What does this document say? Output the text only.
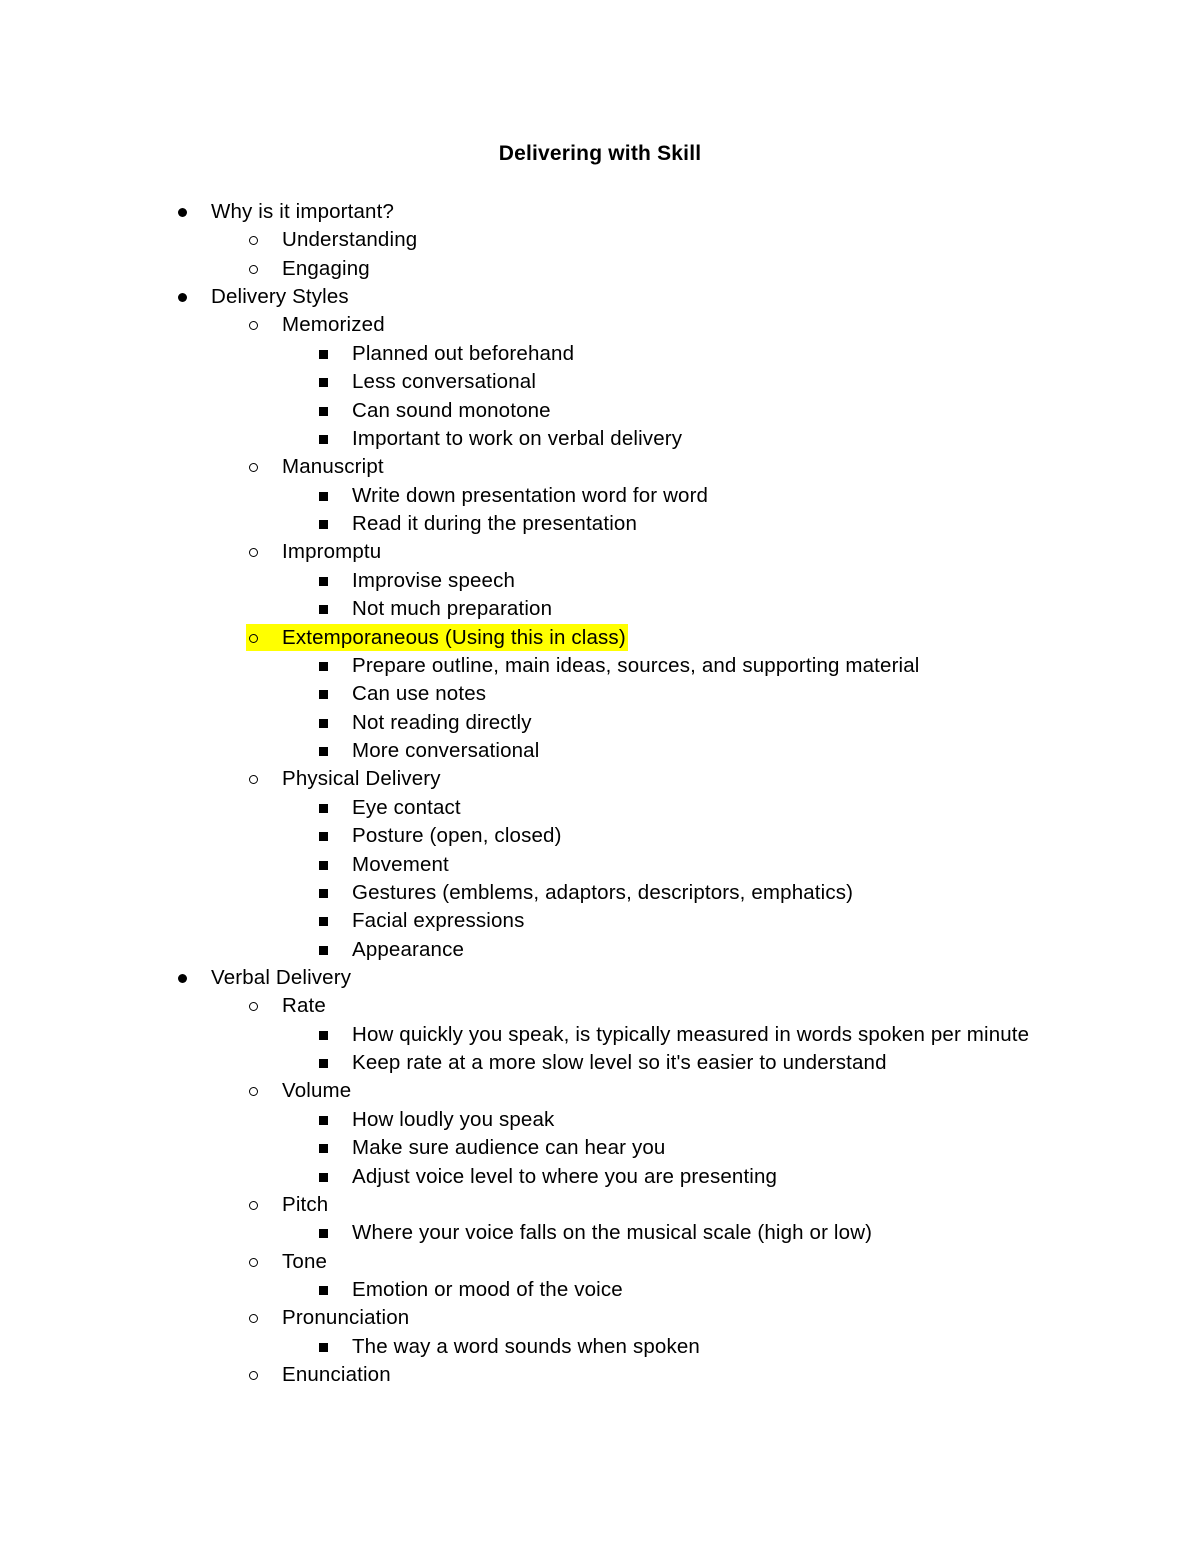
Delivering with Skill
Why is it important?
Understanding
Engaging
Delivery Styles
Memorized
Planned out beforehand
Less conversational
Can sound monotone
Important to work on verbal delivery
Manuscript
Write down presentation word for word
Read it during the presentation
Impromptu
Improvise speech
Not much preparation
Extemporaneous (Using this in class)
Prepare outline, main ideas, sources, and supporting material
Can use notes
Not reading directly
More conversational
Physical Delivery
Eye contact
Posture (open, closed)
Movement
Gestures (emblems, adaptors, descriptors, emphatics)
Facial expressions
Appearance
Verbal Delivery
Rate
How quickly you speak, is typically measured in words spoken per minute
Keep rate at a more slow level so it's easier to understand
Volume
How loudly you speak
Make sure audience can hear you
Adjust voice level to where you are presenting
Pitch
Where your voice falls on the musical scale (high or low)
Tone
Emotion or mood of the voice
Pronunciation
The way a word sounds when spoken
Enunciation
